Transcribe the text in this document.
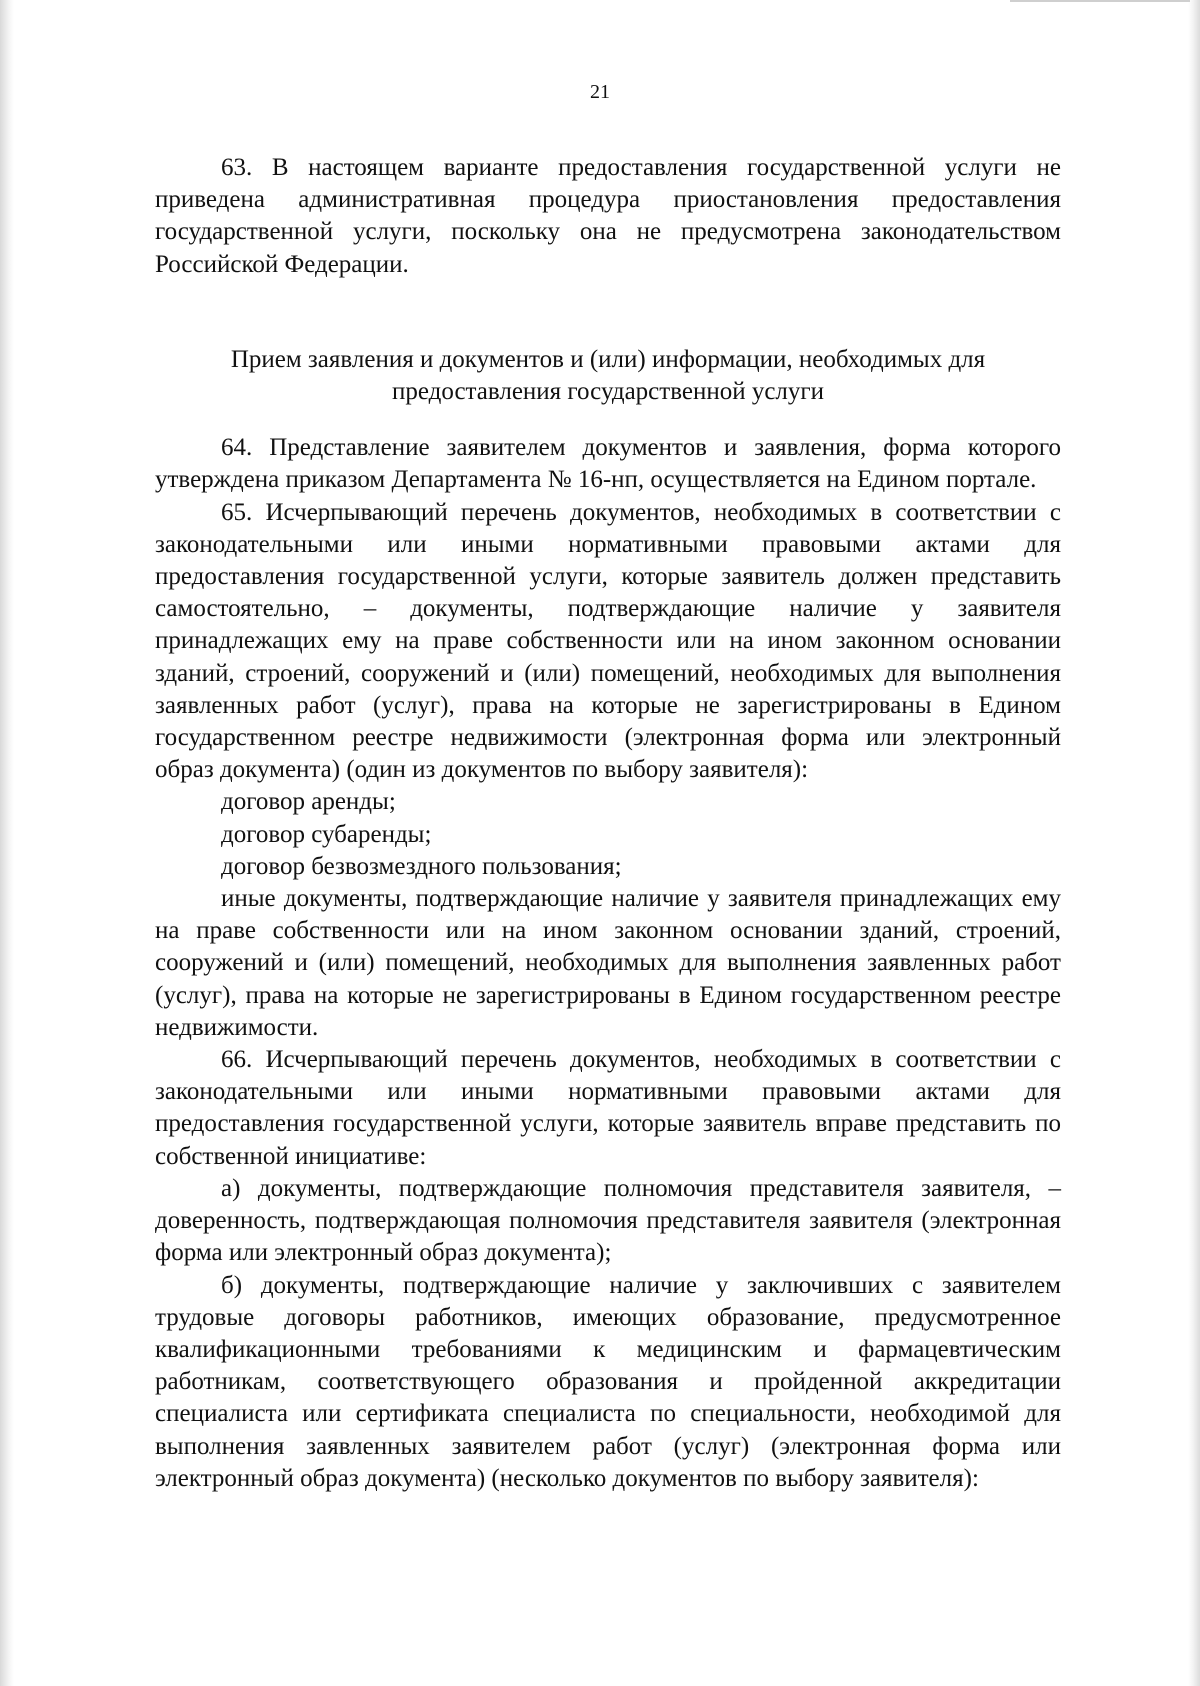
21

63. В настоящем варианте предоставления государственной услуги не приведена административная процедура приостановления предоставления государственной услуги, поскольку она не предусмотрена законодательством Российской Федерации.

Прием заявления и документов и (или) информации, необходимых для предоставления государственной услуги

64. Представление заявителем документов и заявления, форма которого утверждена приказом Департамента № 16-нп, осуществляется на Едином портале.

65. Исчерпывающий перечень документов, необходимых в соответствии с законодательными или иными нормативными правовыми актами для предоставления государственной услуги, которые заявитель должен представить самостоятельно, – документы, подтверждающие наличие у заявителя принадлежащих ему на праве собственности или на ином законном основании зданий, строений, сооружений и (или) помещений, необходимых для выполнения заявленных работ (услуг), права на которые не зарегистрированы в Едином государственном реестре недвижимости (электронная форма или электронный образ документа) (один из документов по выбору заявителя):

договор аренды;

договор субаренды;

договор безвозмездного пользования;

иные документы, подтверждающие наличие у заявителя принадлежащих ему на праве собственности или на ином законном основании зданий, строений, сооружений и (или) помещений, необходимых для выполнения заявленных работ (услуг), права на которые не зарегистрированы в Едином государственном реестре недвижимости.

66. Исчерпывающий перечень документов, необходимых в соответствии с законодательными или иными нормативными правовыми актами для предоставления государственной услуги, которые заявитель вправе представить по собственной инициативе:

а) документы, подтверждающие полномочия представителя заявителя, – доверенность, подтверждающая полномочия представителя заявителя (электронная форма или электронный образ документа);

б) документы, подтверждающие наличие у заключивших с заявителем трудовые договоры работников, имеющих образование, предусмотренное квалификационными требованиями к медицинским и фармацевтическим работникам, соответствующего образования и пройденной аккредитации специалиста или сертификата специалиста по специальности, необходимой для выполнения заявленных заявителем работ (услуг) (электронная форма или электронный образ документа) (несколько документов по выбору заявителя):
